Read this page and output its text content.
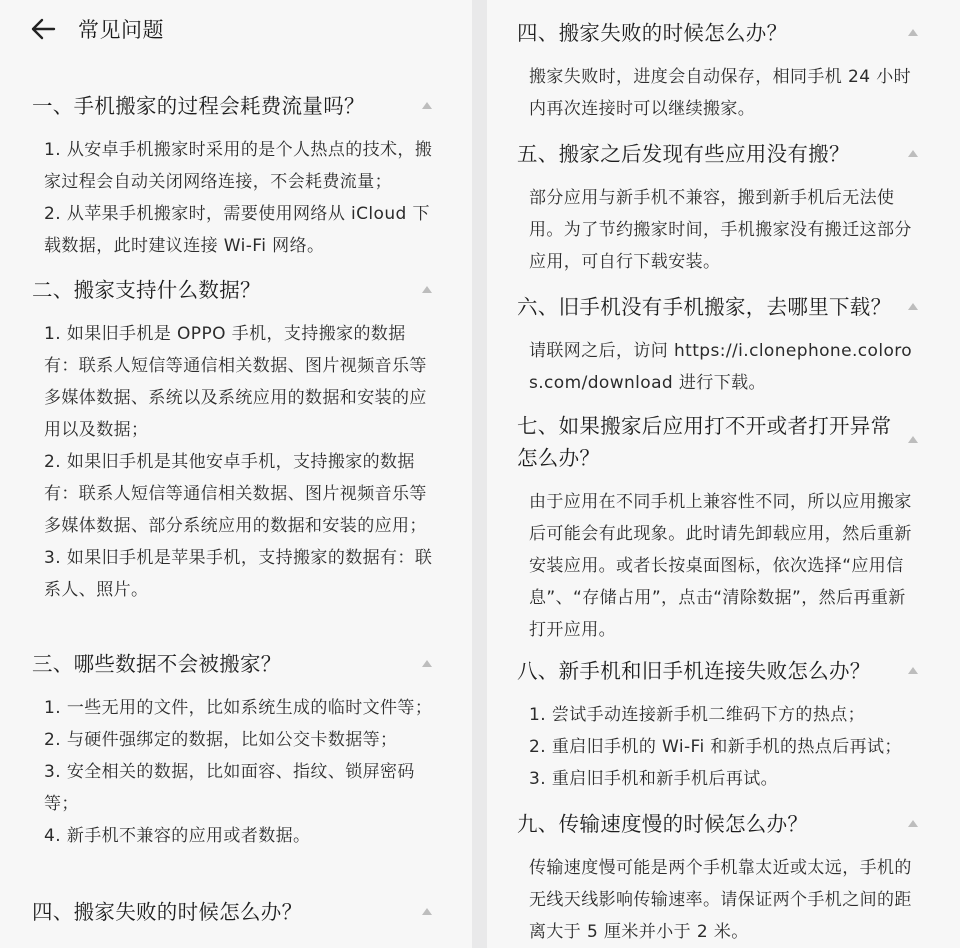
常见问题
一、手机搬家的过程会耗费流量吗？

1. 从安卓手机搬家时采用的是个人热点的技术，搬家过程会自动关闭网络连接，不会耗费流量；

2. 从苹果手机搬家时，需要使用网络从 iCloud 下载数据，此时建议连接 Wi-Fi 网络。

二、搬家支持什么数据？

1. 如果旧手机是 OPPO 手机，支持搬家的数据有：联系人短信等通信相关数据、图片视频音乐等多媒体数据、系统以及系统应用的数据和安装的应用以及数据；

2. 如果旧手机是其他安卓手机，支持搬家的数据有：联系人短信等通信相关数据、图片视频音乐等多媒体数据、部分系统应用的数据和安装的应用；

3. 如果旧手机是苹果手机，支持搬家的数据有：联系人、照片。

三、哪些数据不会被搬家？

1. 一些无用的文件，比如系统生成的临时文件等；

2. 与硬件强绑定的数据，比如公交卡数据等；

3. 安全相关的数据，比如面容、指纹、锁屏密码等；

4. 新手机不兼容的应用或者数据。

四、搬家失败的时候怎么办？
四、搬家失败的时候怎么办？

搬家失败时，进度会自动保存，相同手机 24 小时内再次连接时可以继续搬家。

五、搬家之后发现有些应用没有搬？

部分应用与新手机不兼容，搬到新手机后无法使用。为了节约搬家时间，手机搬家没有搬迁这部分应用，可自行下载安装。

六、旧手机没有手机搬家，去哪里下载？

请联网之后，访问 https://i.clonephone.coloros.com/download 进行下载。

七、如果搬家后应用打不开或者打开异常怎么办？

由于应用在不同手机上兼容性不同，所以应用搬家后可能会有此现象。此时请先卸载应用，然后重新安装应用。或者长按桌面图标，依次选择“应用信息”、“存储占用”，点击“清除数据”，然后再重新打开应用。

八、新手机和旧手机连接失败怎么办？

1. 尝试手动连接新手机二维码下方的热点；

2. 重启旧手机的 Wi-Fi 和新手机的热点后再试；

3. 重启旧手机和新手机后再试。

九、传输速度慢的时候怎么办？

传输速度慢可能是两个手机靠太近或太远，手机的无线天线影响传输速率。请保证两个手机之间的距离大于 5 厘米并小于 2 米。
